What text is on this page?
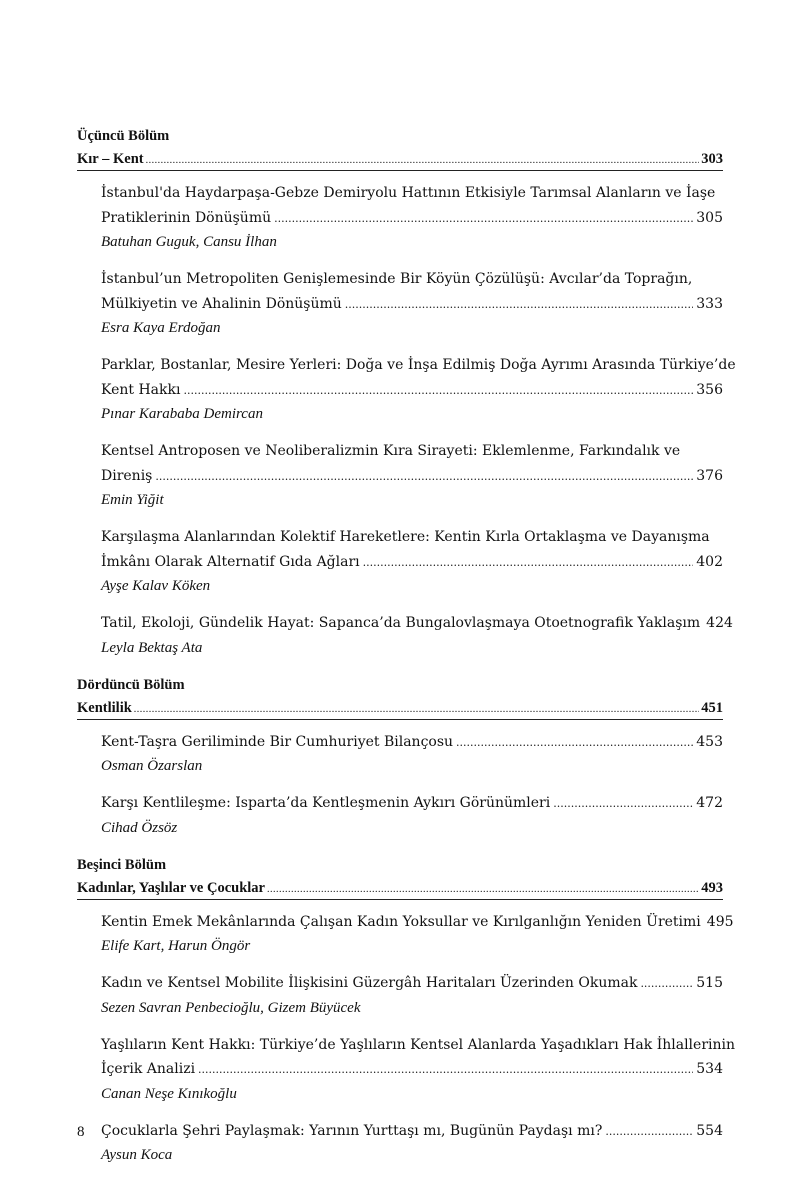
Üçüncü Bölüm
Kır – Kent .....	303
İstanbul'da Haydarpaşa-Gebze Demiryolu Hattının Etkisiyle Tarımsal Alanların ve İaşe
Pratiklerinin Dönüşümü .....	305
Batuhan Guguk, Cansu İlhan
İstanbul’un Metropoliten Genişlemesinde Bir Köyün Çözülüşü: Avcılar’da Toprağın,
Mülkiyetin ve Ahalinin Dönüşümü .....	333
Esra Kaya Erdoğan
Parklar, Bostanlar, Mesire Yerleri: Doğa ve İnşa Edilmiş Doğa Ayrımı Arasında Türkiye’de
Kent Hakkı .....	356
Pınar Karababa Demircan
Kentsel Antroposen ve Neoliberalizmin Kıra Sirayeti: Eklemlenme, Farkındalık ve
Direniş .....	376
Emin Yiğit
Karşılaşma Alanlarından Kolektif Hareketlere: Kentin Kırla Ortaklaşma ve Dayanışma
İmkânı Olarak Alternatif Gıda Ağları .....	402
Ayşe Kalav Köken
Tatil, Ekoloji, Gündelik Hayat: Sapanca’da Bungalovlaşmaya Otoetnografik Yaklaşım 424
Leyla Bektaş Ata
Dördüncü Bölüm
Kentlilik .....	451
Kent-Taşra Geriliminde Bir Cumhuriyet Bilançosu .....	453
Osman Özarslan
Karşı Kentlileşme: Isparta’da Kentleşmenin Aykırı Görünümleri .....	472
Cihad Özsöz
Beşinci Bölüm
Kadınlar, Yaşlılar ve Çocuklar .....	493
Kentin Emek Mekânlarında Çalışan Kadın Yoksullar ve Kırılganlığın Yeniden Üretimi 495
Elife Kart, Harun Öngör
Kadın ve Kentsel Mobilite İlişkisini Güzergâh Haritaları Üzerinden Okumak .....	515
Sezen Savran Penbecioğlu, Gizem Büyücek
Yaşlıların Kent Hakkı: Türkiye’de Yaşlıların Kentsel Alanlarda Yaşadıkları Hak İhlallerinin
İçerik Analizi .....	534
Canan Neşe Kınıkoğlu
Çocuklarla Şehri Paylaşmak: Yarının Yurttaşı mı, Bugünün Paydaşı mı? .....	554
Aysun Koca
8
